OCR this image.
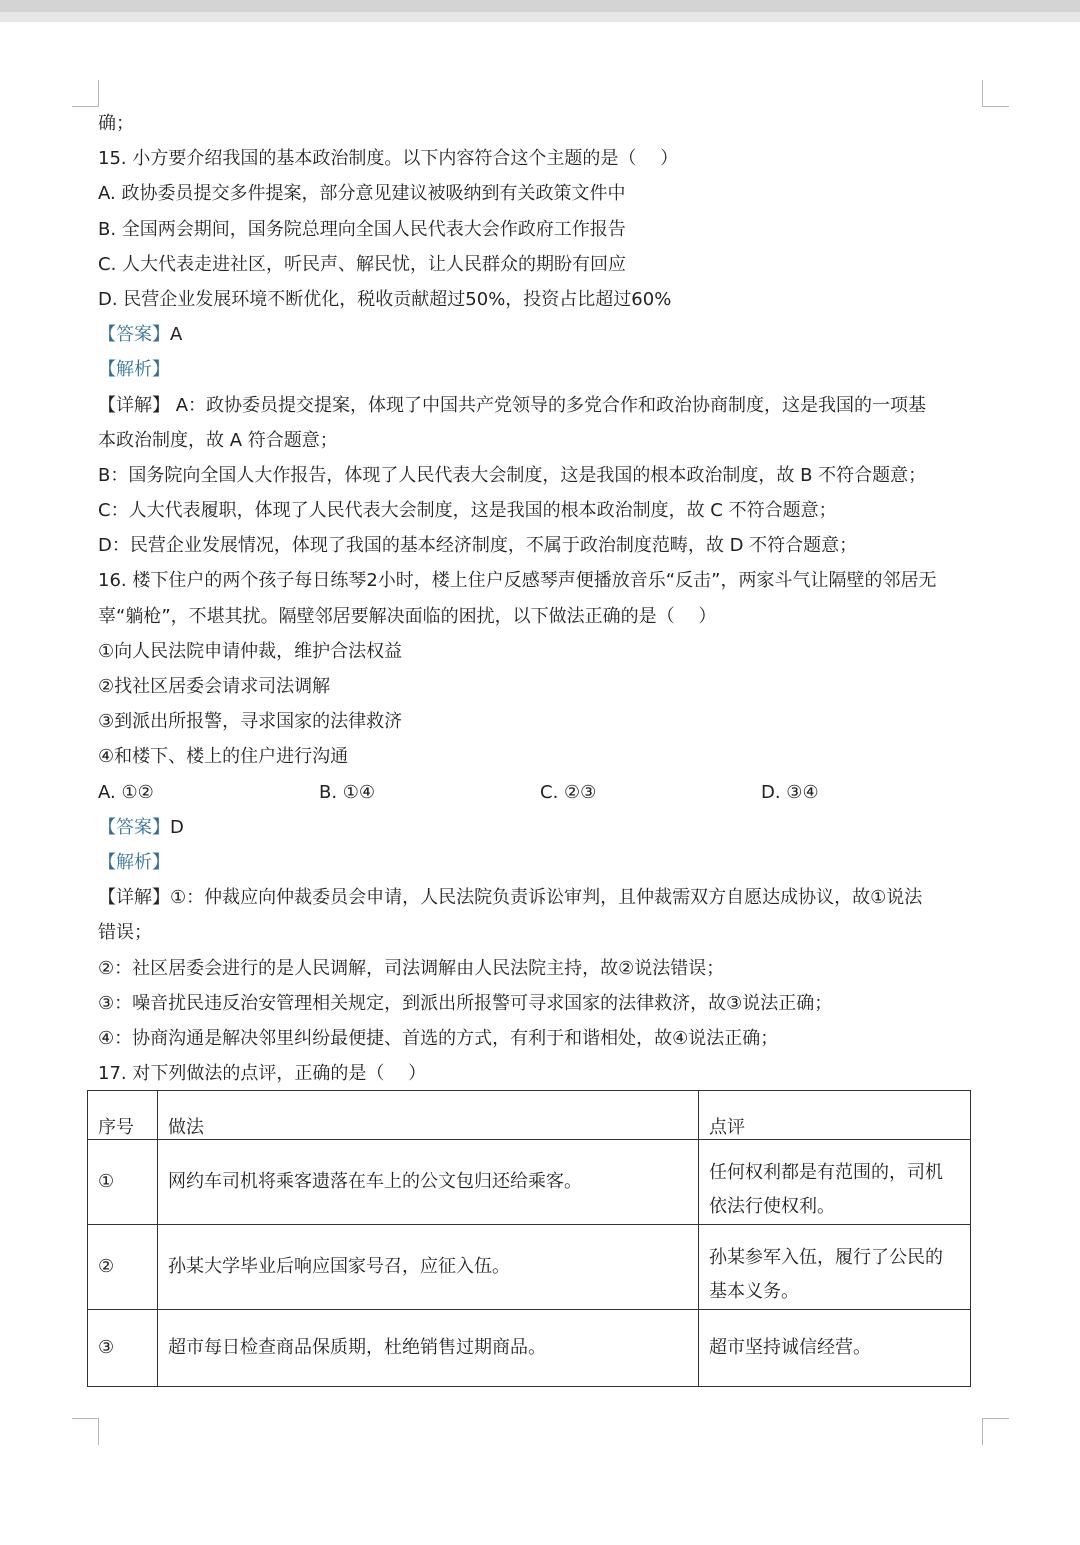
确；
15. 小方要介绍我国的基本政治制度。以下内容符合这个主题的是（　 ）
A. 政协委员提交多件提案，部分意见建议被吸纳到有关政策文件中
B. 全国两会期间，国务院总理向全国人民代表大会作政府工作报告
C. 人大代表走进社区，听民声、解民忧，让人民群众的期盼有回应
D. 民营企业发展环境不断优化，税收贡献超过50%，投资占比超过60%
【答案】A
【解析】
【详解】 A：政协委员提交提案，体现了中国共产党领导的多党合作和政治协商制度，这是我国的一项基
本政治制度，故 A 符合题意；
B：国务院向全国人大作报告，体现了人民代表大会制度，这是我国的根本政治制度，故 B 不符合题意；
C：人大代表履职，体现了人民代表大会制度，这是我国的根本政治制度，故 C 不符合题意；
D：民营企业发展情况，体现了我国的基本经济制度，不属于政治制度范畴，故 D 不符合题意；
16. 楼下住户的两个孩子每日练琴2小时，楼上住户反感琴声便播放音乐“反击”，两家斗气让隔壁的邻居无
辜“躺枪”，不堪其扰。隔壁邻居要解决面临的困扰，以下做法正确的是（　 ）
①向人民法院申请仲裁，维护合法权益
②找社区居委会请求司法调解
③到派出所报警，寻求国家的法律救济
④和楼下、楼上的住户进行沟通
A. ①②	B. ①④	C. ②③	D. ③④
【答案】D
【解析】
【详解】①：仲裁应向仲裁委员会申请，人民法院负责诉讼审判，且仲裁需双方自愿达成协议，故①说法
错误；
②：社区居委会进行的是人民调解，司法调解由人民法院主持，故②说法错误；
③：噪音扰民违反治安管理相关规定，到派出所报警可寻求国家的法律救济，故③说法正确；
④：协商沟通是解决邻里纠纷最便捷、首选的方式，有利于和谐相处，故④说法正确；
17. 对下列做法的点评，正确的是（　 ）
序号	做法	点评
①	网约车司机将乘客遗落在车上的公文包归还给乘客。	任何权利都是有范围的，司机
依法行使权利。

②	孙某大学毕业后响应国家号召，应征入伍。	孙某参军入伍，履行了公民的
基本义务。

③	超市每日检查商品保质期，杜绝销售过期商品。	超市坚持诚信经营。
